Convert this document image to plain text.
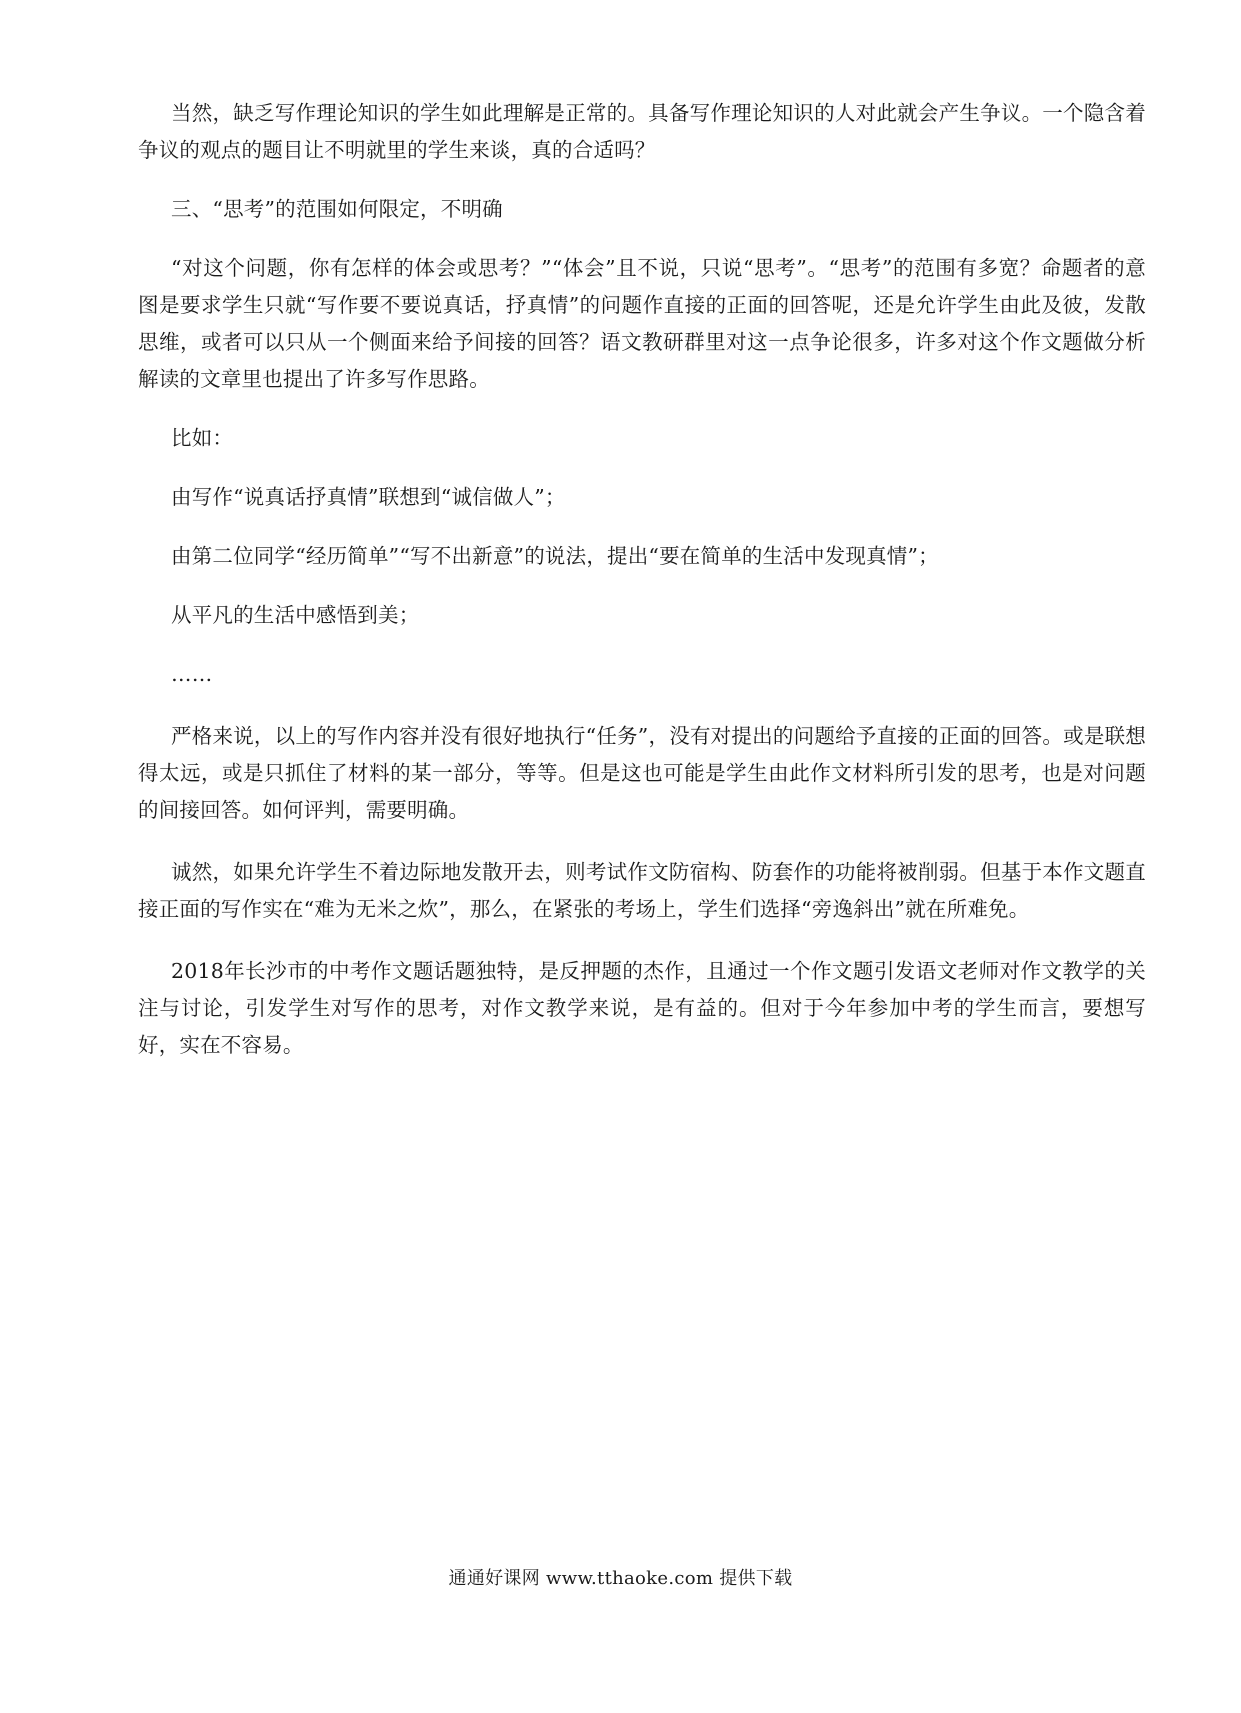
当然，缺乏写作理论知识的学生如此理解是正常的。具备写作理论知识的人对此就会产生争议。一个隐含着争议的观点的题目让不明就里的学生来谈，真的合适吗？

三、“思考”的范围如何限定，不明确

“对这个问题，你有怎样的体会或思考？”“体会”且不说，只说“思考”。“思考”的范围有多宽？命题者的意图是要求学生只就“写作要不要说真话，抒真情”的问题作直接的正面的回答呢，还是允许学生由此及彼，发散思维，或者可以只从一个侧面来给予间接的回答？语文教研群里对这一点争论很多，许多对这个作文题做分析解读的文章里也提出了许多写作思路。

比如：

由写作“说真话抒真情”联想到“诚信做人”；

由第二位同学“经历简单”“写不出新意”的说法，提出“要在简单的生活中发现真情”；

从平凡的生活中感悟到美；

……

严格来说，以上的写作内容并没有很好地执行“任务”，没有对提出的问题给予直接的正面的回答。或是联想得太远，或是只抓住了材料的某一部分，等等。但是这也可能是学生由此作文材料所引发的思考，也是对问题的间接回答。如何评判，需要明确。

诚然，如果允许学生不着边际地发散开去，则考试作文防宿构、防套作的功能将被削弱。但基于本作文题直接正面的写作实在“难为无米之炊”，那么，在紧张的考场上，学生们选择“旁逸斜出”就在所难免。

2018年长沙市的中考作文题话题独特，是反押题的杰作，且通过一个作文题引发语文老师对作文教学的关注与讨论，引发学生对写作的思考，对作文教学来说，是有益的。但对于今年参加中考的学生而言，要想写好，实在不容易。

通通好课网 www.tthaoke.com 提供下载
